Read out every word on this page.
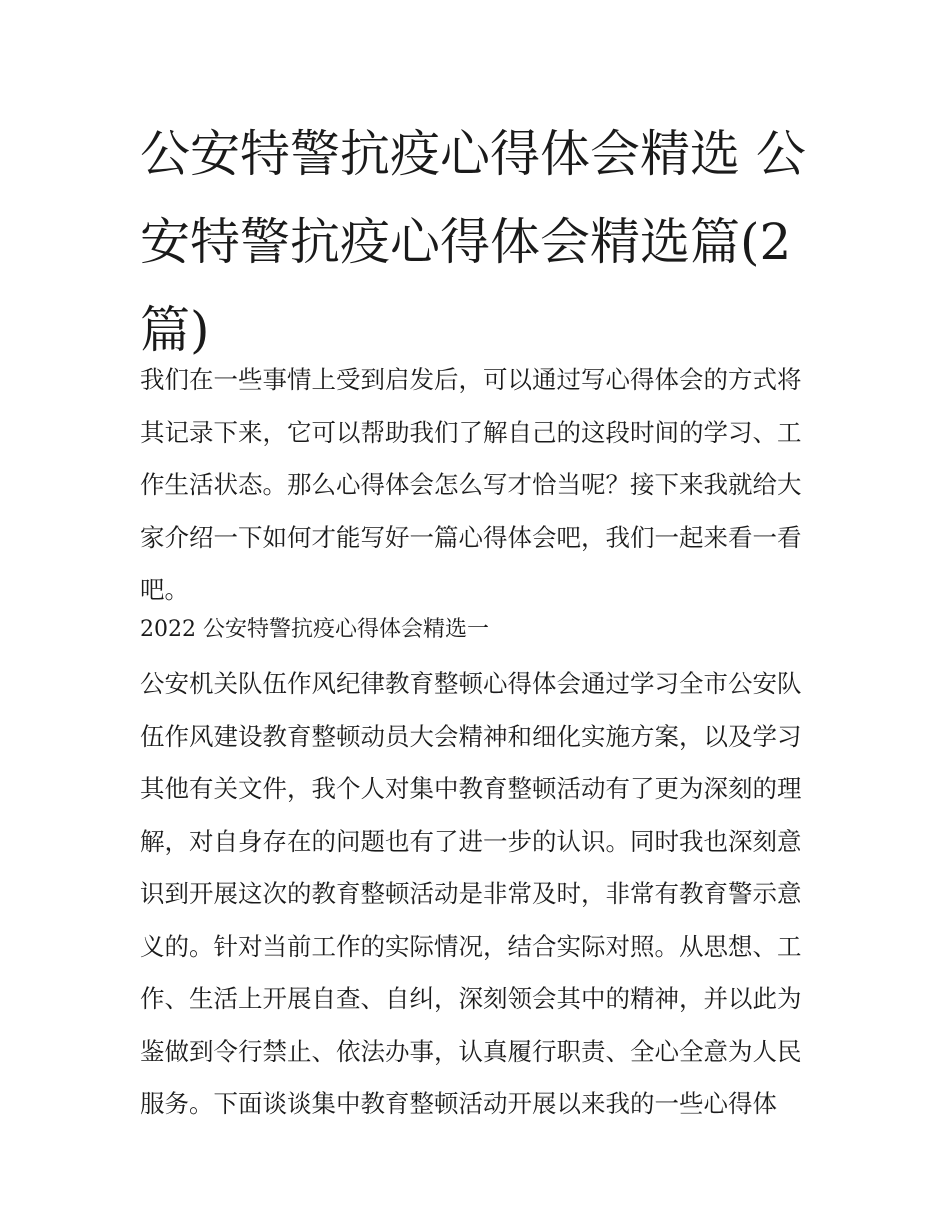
公安特警抗疫心得体会精选 公安特警抗疫心得体会精选篇(2篇)

我们在一些事情上受到启发后，可以通过写心得体会的方式将其记录下来，它可以帮助我们了解自己的这段时间的学习、工作生活状态。那么心得体会怎么写才恰当呢？接下来我就给大家介绍一下如何才能写好一篇心得体会吧，我们一起来看一看吧。

2022 公安特警抗疫心得体会精选一

公安机关队伍作风纪律教育整顿心得体会通过学习全市公安队伍作风建设教育整顿动员大会精神和细化实施方案，以及学习其他有关文件，我个人对集中教育整顿活动有了更为深刻的理解，对自身存在的问题也有了进一步的认识。同时我也深刻意识到开展这次的教育整顿活动是非常及时，非常有教育警示意义的。针对当前工作的实际情况，结合实际对照。从思想、工作、生活上开展自查、自纠，深刻领会其中的精神，并以此为鉴做到令行禁止、依法办事，认真履行职责、全心全意为人民服务。下面谈谈集中教育整顿活动开展以来我的一些心得体
